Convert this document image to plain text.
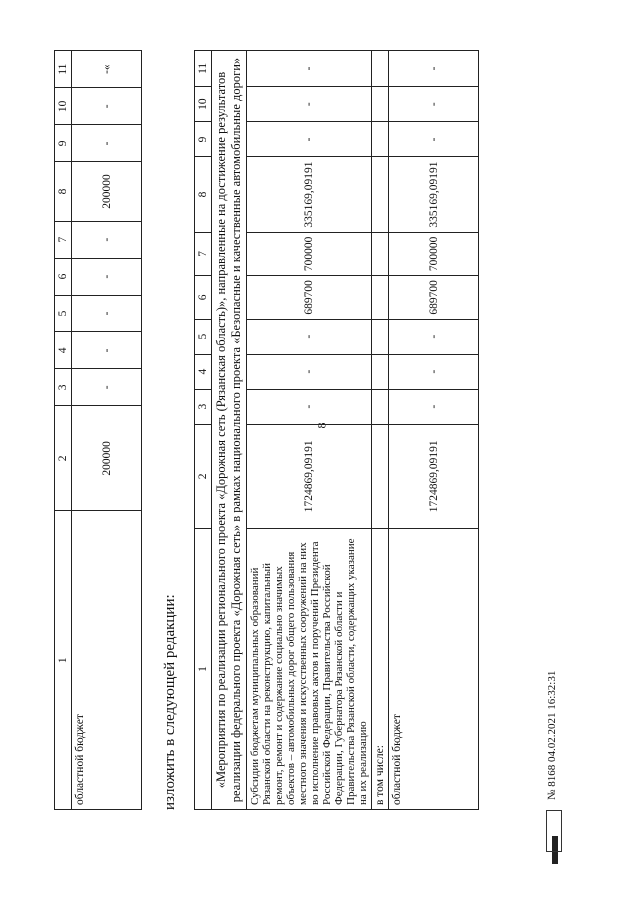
8
1	2	3	4	5	6	7	8	9	10	11
областной бюджет	200000	-	-	-	-	-	200000	-	-	-«
изложить в следующей редакции: 1	2	3	4	5	6	7	8	9	10	11
«Мероприятия по реализации регионального проекта «Дорожная сеть (Рязанская область)», направленные на достижение результатов реализации федерального проекта «Дорожная сеть» в рамках национального проекта «Безопасные и качественные автомобильные дороги»										
Субсидии бюджетам муниципальных образований Рязанской области на реконструкцию, капитальный ремонт, ремонт и содержание социально значимых объектов – автомобильных дорог общего пользования местного значения и искусственных сооружений на них во исполнение правовых актов и поручений Президента Российской Федерации, Правительства Российской Федерации, Губернатора Рязанской области и Правительства Рязанской области, содержащих указание на их реализацию	1724869,09191	-	-	-	689700	700000	335169,09191	-	-	-
в том числе:										
областной бюджет	1724869,09191	-	-	-	689700	700000	335169,09191	-	-	-
№ 8168 04.02.2021 16:32:31
